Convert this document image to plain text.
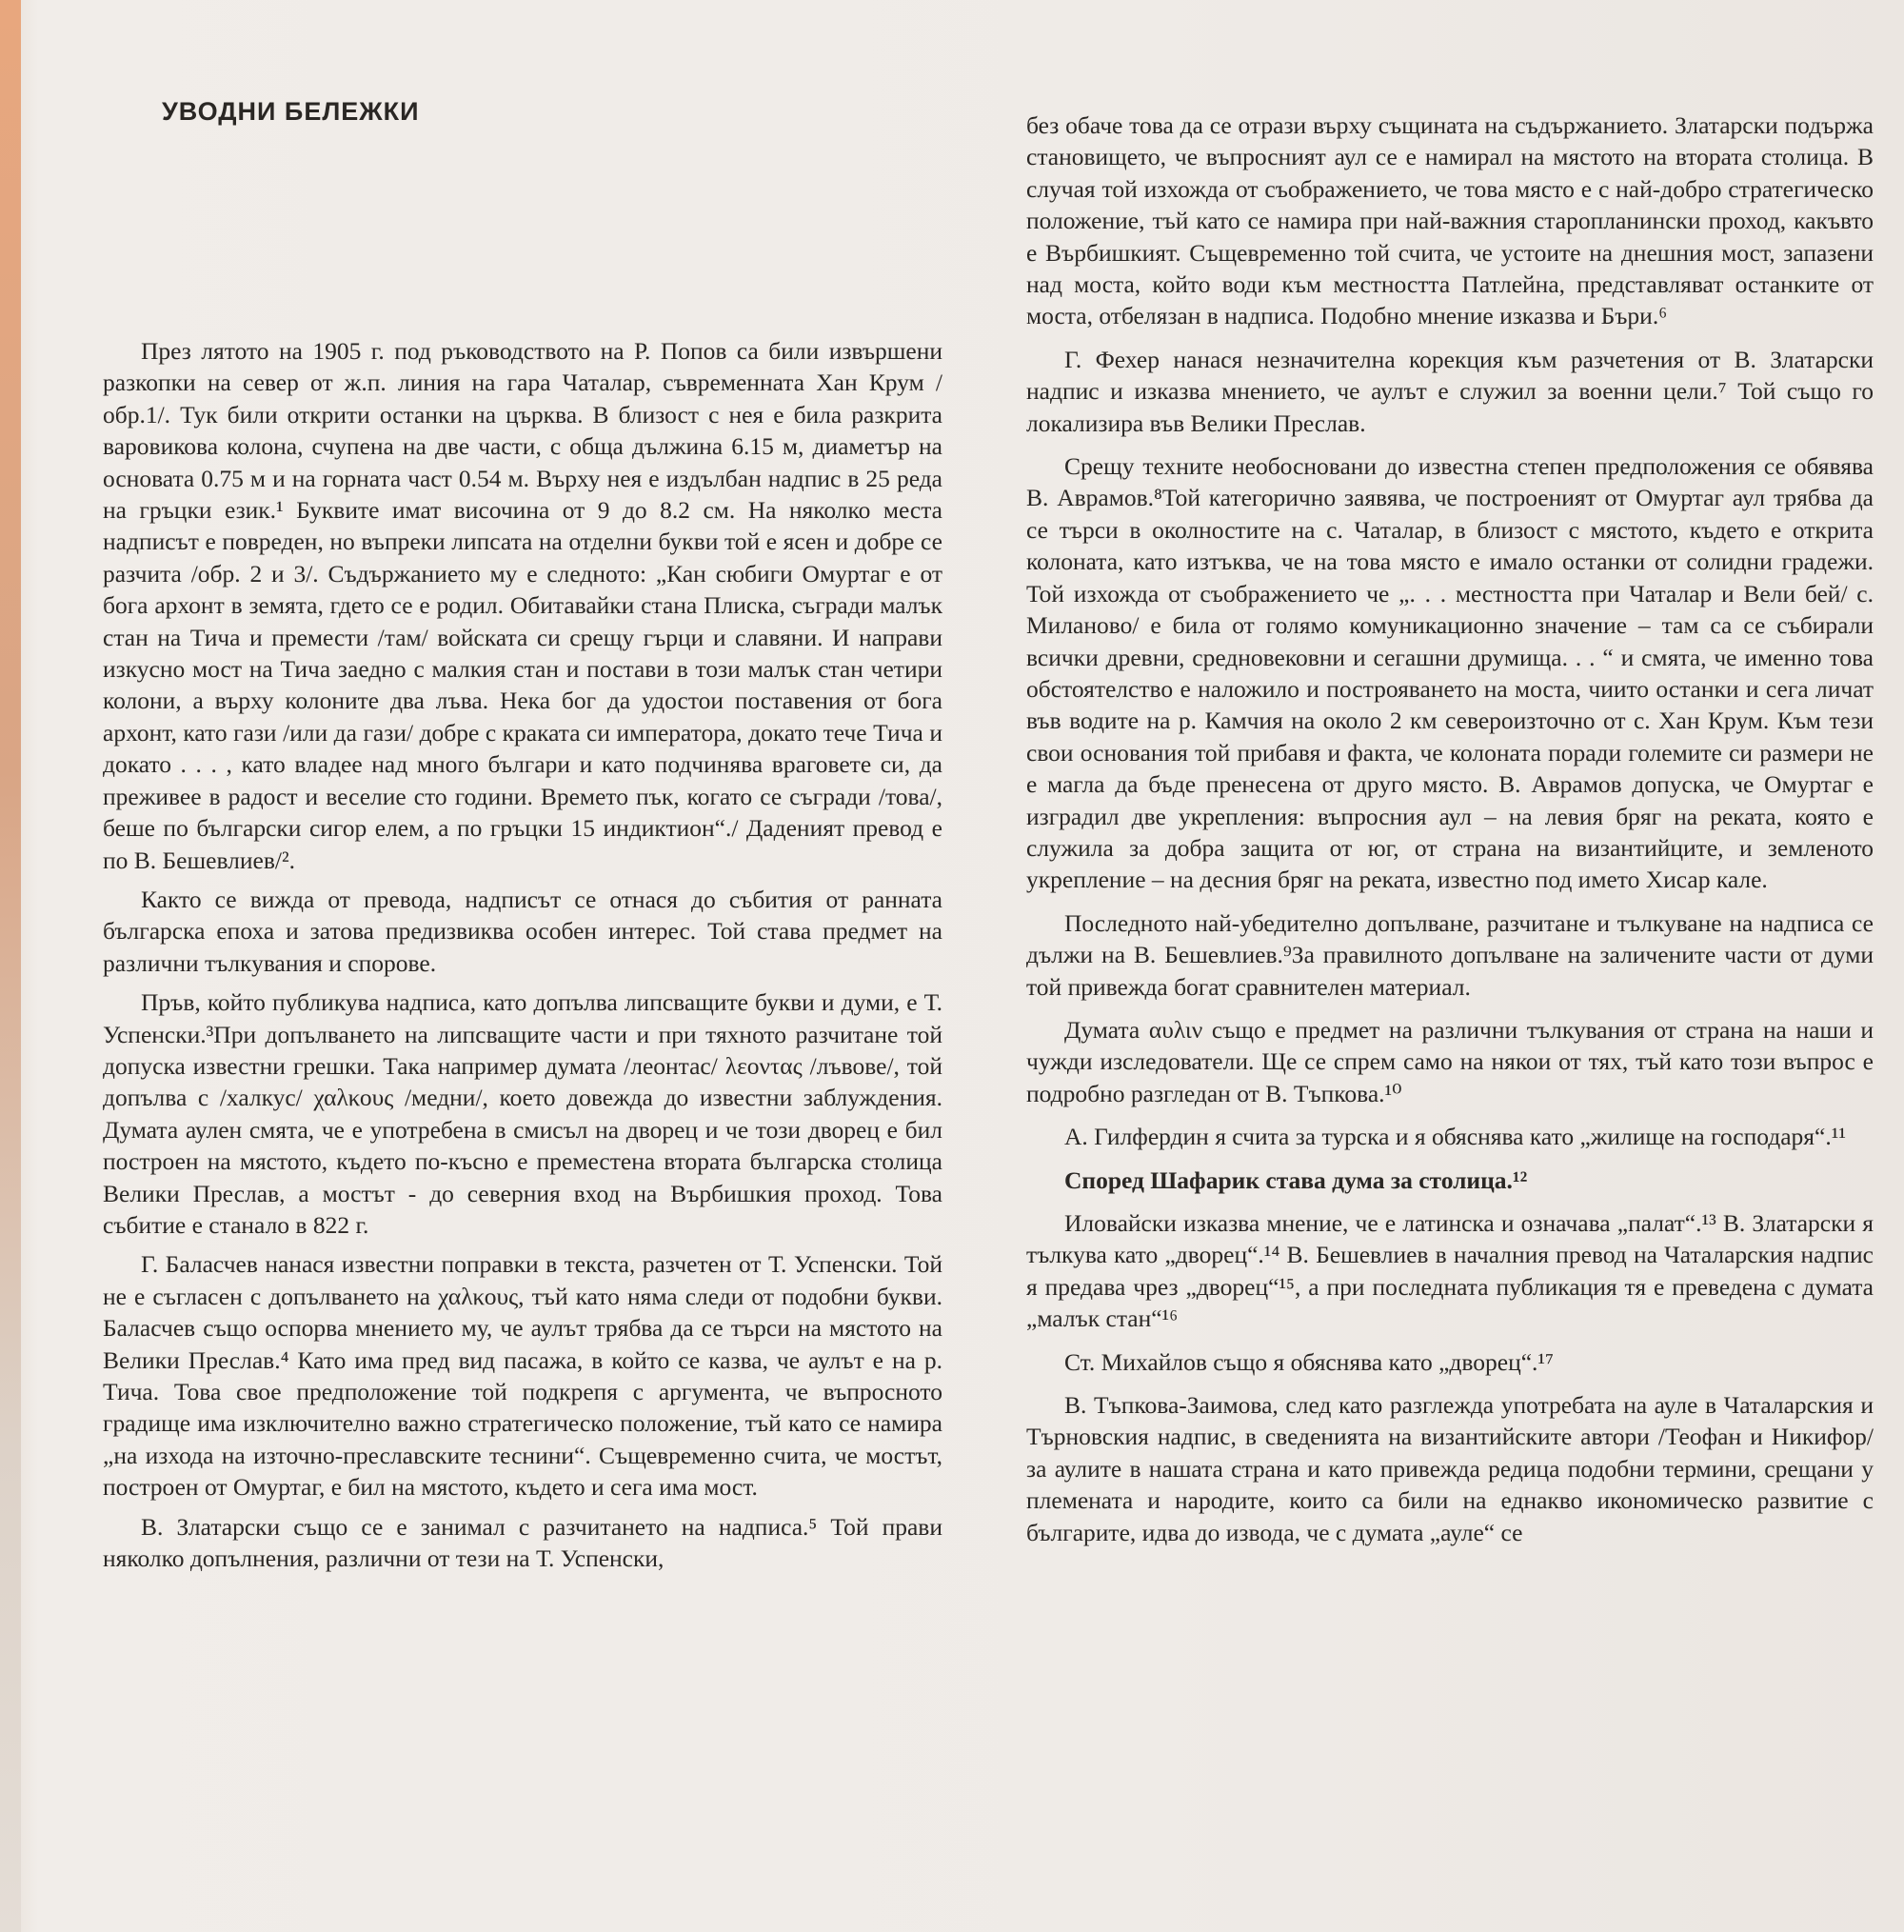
УВОДНИ БЕЛЕЖКИ

През лятото на 1905 г. под ръководството на Р. Попов са били извършени разкопки на север от ж.п. линия на гара Чаталар, съвременната Хан Крум /обр.1/. Тук били открити останки на църква. В близост с нея е била разкрита варовикова колона, счупена на две части, с обща дължина 6.15 м, диаметър на основата 0.75 м и на горната част 0.54 м. Върху нея е издълбан надпис в 25 реда на гръцки език.¹ Буквите имат височина от 9 до 8.2 см. На няколко места надписът е повреден, но въпреки липсата на отделни букви той е ясен и добре се разчита /обр. 2 и 3/. Съдържанието му е следното: „Кан сюбиги Омуртаг е от бога архонт в земята, гдето се е родил. Обитавайки стана Плиска, съгради малък стан на Тича и премести /там/ войската си срещу гърци и славяни. И направи изкусно мост на Тича заедно с малкия стан и постави в този малък стан четири колони, а върху колоните два лъва. Нека бог да удостои поставения от бога архонт, като гази /или да гази/ добре с краката си императора, докато тече Тича и докато . . . , като владее над много българи и като подчинява враговете си, да преживее в радост и веселие сто години. Времето пък, когато се съгради /това/, беше по български сигор елем, а по гръцки 15 индиктион“./ Даденият превод е по В. Бешевлиев/².

Както се вижда от превода, надписът се отнася до събития от ранната българска епоха и затова предизвиква особен интерес. Той става предмет на различни тълкувания и спорове.

Пръв, който публикува надписа, като допълва липсващите букви и думи, е Т. Успенски.³При допълването на липсващите части и при тяхното разчитане той допуска известни грешки. Така например думата /леонтас/ λεοντας /лъвове/, той допълва с /халкус/ χαλκους /медни/, което довежда до известни заблуждения. Думата аулен смята, че е употребена в смисъл на дворец и че този дворец е бил построен на мястото, където по-късно е преместена втората българска столица Велики Преслав, а мостът - до северния вход на Върбишкия проход. Това събитие е станало в 822 г.

Г. Баласчев нанася известни поправки в текста, разчетен от Т. Успенски. Той не е съгласен с допълването на χαλκους, тъй като няма следи от подобни букви. Баласчев също оспорва мнението му, че аулът трябва да се търси на мястото на Велики Преслав.⁴ Като има пред вид пасажа, в който се казва, че аулът е на р. Тича. Това свое предположение той подкрепя с аргумента, че въпросното градище има изключително важно стратегическо положение, тъй като се намира „на изхода на източно-преславските теснини“. Същевременно счита, че мостът, построен от Омуртаг, е бил на мястото, където и сега има мост.

В. Златарски също се е занимал с разчитането на надписа.⁵ Той прави няколко допълнения, различни от тези на Т. Успенски,

без обаче това да се отрази върху същината на съдържанието. Златарски подържа становището, че въпросният аул се е намирал на мястото на втората столица. В случая той изхожда от съображението, че това място е с най-добро стратегическо положение, тъй като се намира при най-важния старопланински проход, какъвто е Върбишкият. Същевременно той счита, че устоите на днешния мост, запазени над моста, който води към местността Патлейна, представляват останките от моста, отбелязан в надписа. Подобно мнение изказва и Бъри.⁶

Г. Фехер нанася незначителна корекция към разчетения от В. Златарски надпис и изказва мнението, че аулът е служил за военни цели.⁷ Той също го локализира във Велики Преслав.

Срещу техните необосновани до известна степен предположения се обявява В. Аврамов.⁸Той категорично заявява, че построеният от Омуртаг аул трябва да се търси в околностите на с. Чаталар, в близост с мястото, където е открита колоната, като изтъква, че на това място е имало останки от солидни градежи. Той изхожда от съображението че „. . . местността при Чаталар и Вели бей/ с. Миланово/ е била от голямо комуникационно значение – там са се събирали всички древни, средновековни и сегашни друмища. . . “ и смята, че именно това обстоятелство е наложило и построяването на моста, чиито останки и сега личат във водите на р. Камчия на около 2 км североизточно от с. Хан Крум. Към тези свои основания той прибавя и факта, че колоната поради големите си размери не е магла да бъде пренесена от друго място. В. Аврамов допуска, че Омуртаг е изградил две укрепления: въпросния аул – на левия бряг на реката, която е служила за добра защита от юг, от страна на византийците, и земленото укрепление – на десния бряг на реката, известно под името Хисар кале.

Последното най-убедително допълване, разчитане и тълкуване на надписа се дължи на В. Бешевлиев.⁹За правилното допълване на заличените части от думи той привежда богат сравнителен материал.

Думата αυλιν също е предмет на различни тълкувания от страна на наши и чужди изследователи. Ще се спрем само на някои от тях, тъй като този въпрос е подробно разгледан от В. Тъпкова.¹⁰

А. Гилфердин я счита за турска и я обяснява като „жилище на господаря“.¹¹

Според Шафарик става дума за столица.¹²

Иловайски изказва мнение, че е латинска и означава „палат“.¹³ В. Златарски я тълкува като „дворец“.¹⁴ В. Бешевлиев в началния превод на Чаталарския надпис я предава чрез „дворец“¹⁵, а при последната публикация тя е преведена с думата „малък стан“¹⁶

Ст. Михайлов също я обяснява като „дворец“.¹⁷

В. Тъпкова-Заимова, след като разглежда употребата на ауле в Чаталарския и Търновския надпис, в сведенията на византийските автори /Теофан и Никифор/ за аулите в нашата страна и като привежда редица подобни термини, срещани у племената и народите, които са били на еднакво икономическо развитие с българите, идва до извода, че с думата „ауле“ се
